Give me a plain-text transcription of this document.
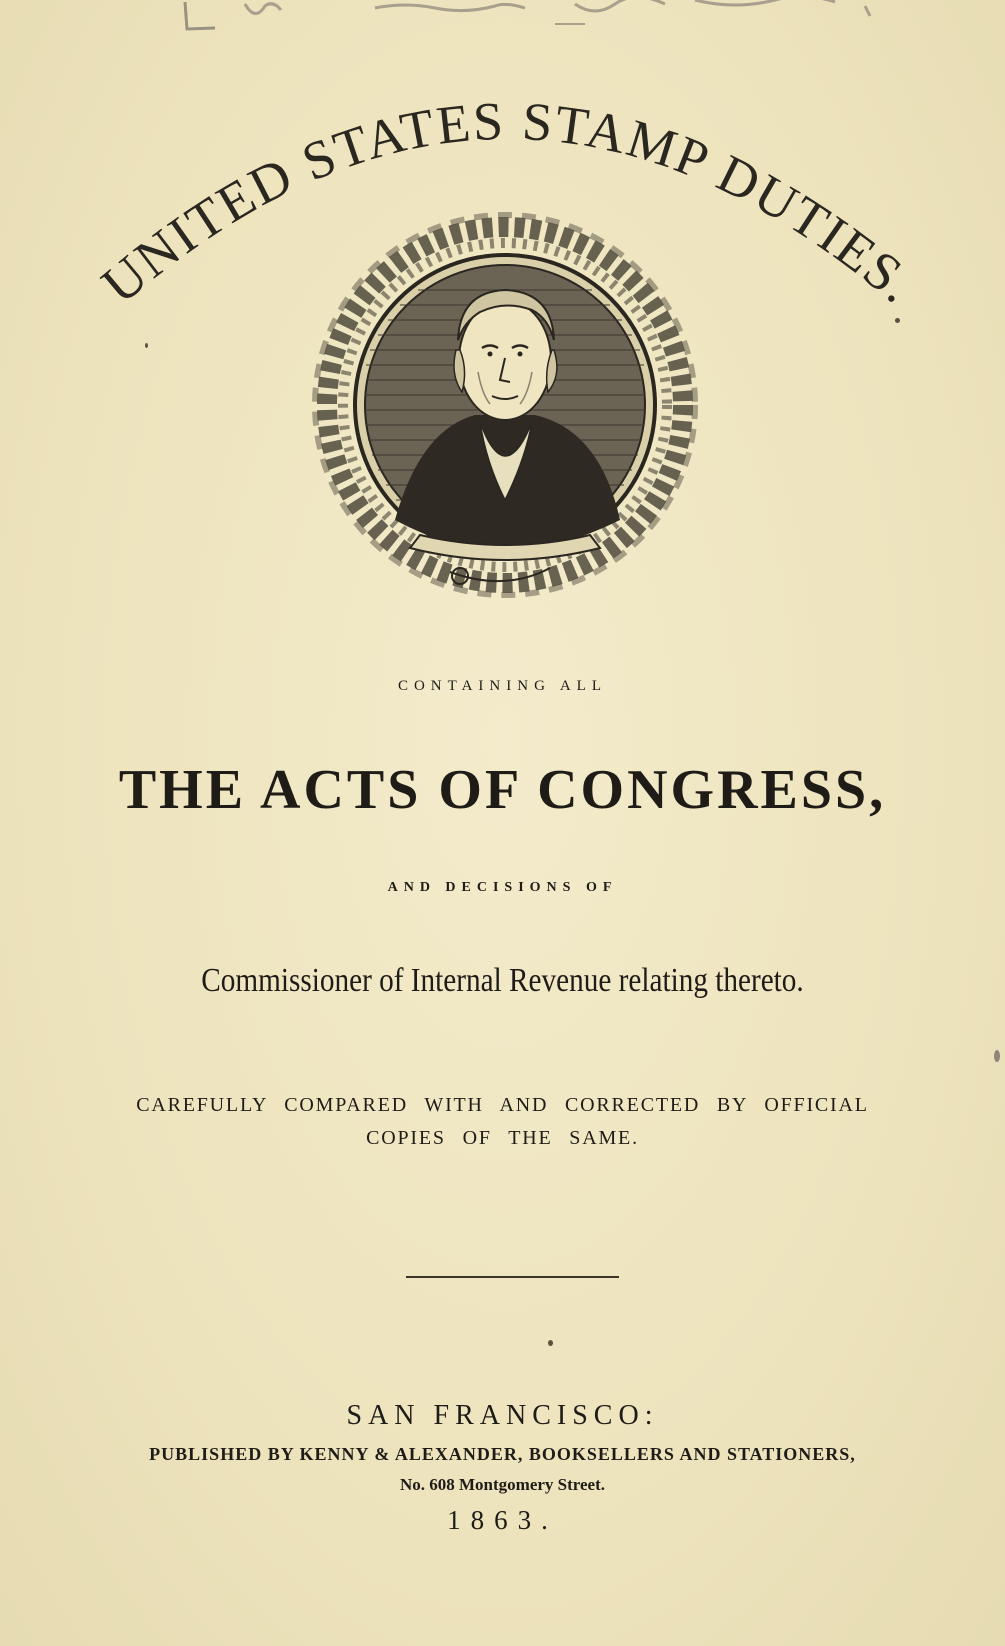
UNITED STATES STAMP DUTIES.
CONTAINING ALL
THE ACTS OF CONGRESS,
AND DECISIONS OF
Commissioner of Internal Revenue relating thereto.
CAREFULLY COMPARED WITH AND CORRECTED BY OFFICIAL
COPIES OF THE SAME.
SAN FRANCISCO:
PUBLISHED BY KENNY & ALEXANDER, BOOKSELLERS AND STATIONERS,
No. 608 Montgomery Street.
1863.
